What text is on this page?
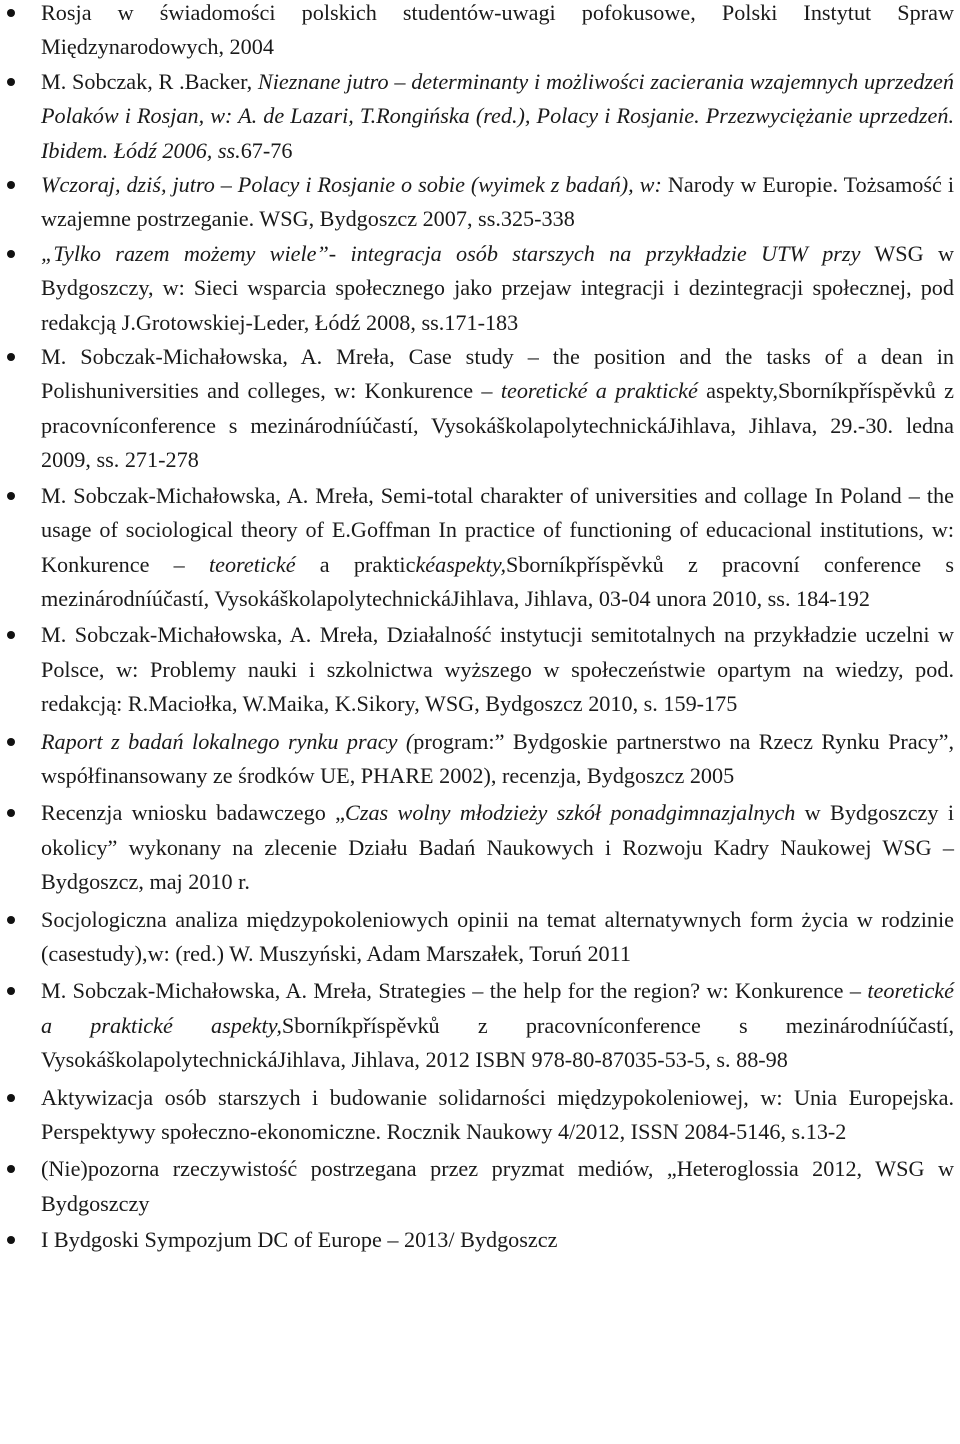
Rosja w świadomości polskich studentów-uwagi pofokusowe, Polski Instytut Spraw Międzynarodowych, 2004
M. Sobczak, R .Backer, Nieznane jutro – determinanty i możliwości zacierania wzajemnych uprzedzeń Polaków i Rosjan, w: A. de Lazari, T.Rongińska (red.), Polacy i Rosjanie. Przezwyciężanie uprzedzeń. Ibidem. Łódź 2006, ss.67-76
Wczoraj, dziś, jutro – Polacy i Rosjanie o sobie (wyimek z badań), w: Narody w Europie. Tożsamość i wzajemne postrzeganie. WSG, Bydgoszcz 2007, ss.325-338
„Tylko razem możemy wiele”- integracja osób starszych na przykładzie UTW przy WSG w Bydgoszczy, w: Sieci wsparcia społecznego jako przejaw integracji i dezintegracji społecznej, pod redakcją J.Grotowskiej-Leder, Łódź 2008, ss.171-183
M. Sobczak-Michałowska, A. Mreła, Case study – the position and the tasks of a dean in Polishuniversities and colleges, w: Konkurence – teoretické a praktické aspekty,Sborníkpříspěvků z pracovníconference s mezinárodníúčastí, VysokáškolapolytechnickáJihlava, Jihlava, 29.-30. ledna 2009, ss. 271-278
M. Sobczak-Michałowska, A. Mreła, Semi-total charakter of universities and collage In Poland – the usage of sociological theory of E.Goffman In practice of functioning of educacional institutions, w: Konkurence – teoretické a praktickéaspekty,Sborníkpříspěvků z pracovní conference s mezinárodníúčastí, VysokáškolapolytechnickáJihlava, Jihlava, 03-04 unora 2010, ss. 184-192
M. Sobczak-Michałowska, A. Mreła, Działalność instytucji semitotalnych na przykładzie uczelni w Polsce, w: Problemy nauki i szkolnictwa wyższego w społeczeństwie opartym na wiedzy, pod. redakcją: R.Maciołka, W.Maika, K.Sikory, WSG, Bydgoszcz 2010, s. 159-175
Raport z badań lokalnego rynku pracy (program:” Bydgoskie partnerstwo na Rzecz Rynku Pracy”, współfinansowany ze środków UE, PHARE 2002), recenzja, Bydgoszcz 2005
Recenzja wniosku badawczego „Czas wolny młodzieży szkół ponadgimnazjalnych w Bydgoszczy i okolicy” wykonany na zlecenie Działu Badań Naukowych i Rozwoju Kadry Naukowej WSG – Bydgoszcz, maj 2010 r.
Socjologiczna analiza międzypokoleniowych opinii na temat alternatywnych form życia w rodzinie (casestudy),w: (red.) W. Muszyński, Adam Marszałek, Toruń 2011
M. Sobczak-Michałowska, A. Mreła, Strategies – the help for the region? w: Konkurence – teoretické a praktické aspekty,Sborníkpříspěvků z pracovníconference s mezinárodníúčastí, VysokáškolapolytechnickáJihlava, Jihlava, 2012 ISBN 978-80-87035-53-5, s. 88-98
Aktywizacja osób starszych i budowanie solidarności międzypokoleniowej, w: Unia Europejska. Perspektywy społeczno-ekonomiczne. Rocznik Naukowy 4/2012, ISSN 2084-5146, s.13-2
(Nie)pozorna rzeczywistość postrzegana przez pryzmat mediów, „Heteroglossia 2012, WSG w Bydgoszczy
I Bydgoski Sympozjum DC of Europe – 2013/ Bydgoszcz
